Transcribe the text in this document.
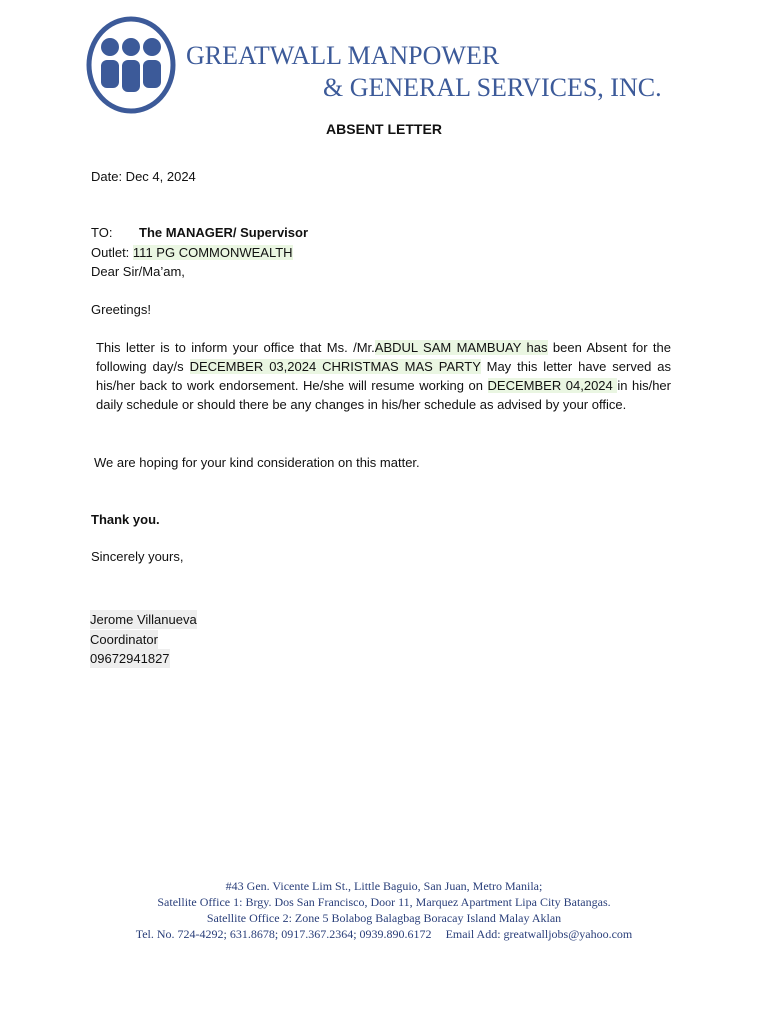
GREATWALL MANPOWER
& GENERAL SERVICES, INC.
ABSENT LETTER
Date: Dec 4, 2024
TO: The MANAGER/ Supervisor
Outlet: 111 PG COMMONWEALTH
Dear Sir/Ma’am,
Greetings!
This letter is to inform your office that Ms. /Mr.ABDUL SAM MAMBUAY has been Absent for the following day/s DECEMBER 03,2024 CHRISTMAS MAS PARTY May this letter have served as his/her back to work endorsement. He/she will resume working on DECEMBER 04,2024 in his/her daily schedule or should there be any changes in his/her schedule as advised by your office.
We are hoping for your kind consideration on this matter.
Thank you.
Sincerely yours,
Jerome Villanueva
Coordinator
09672941827
#43 Gen. Vicente Lim St., Little Baguio, San Juan, Metro Manila;
Satellite Office 1: Brgy. Dos San Francisco, Door 11, Marquez Apartment Lipa City Batangas.
Satellite Office 2: Zone 5 Bolabog Balagbag Boracay Island Malay Aklan
Tel. No. 724-4292; 631.8678; 0917.367.2364; 0939.890.6172 Email Add: greatwalljobs@yahoo.com
